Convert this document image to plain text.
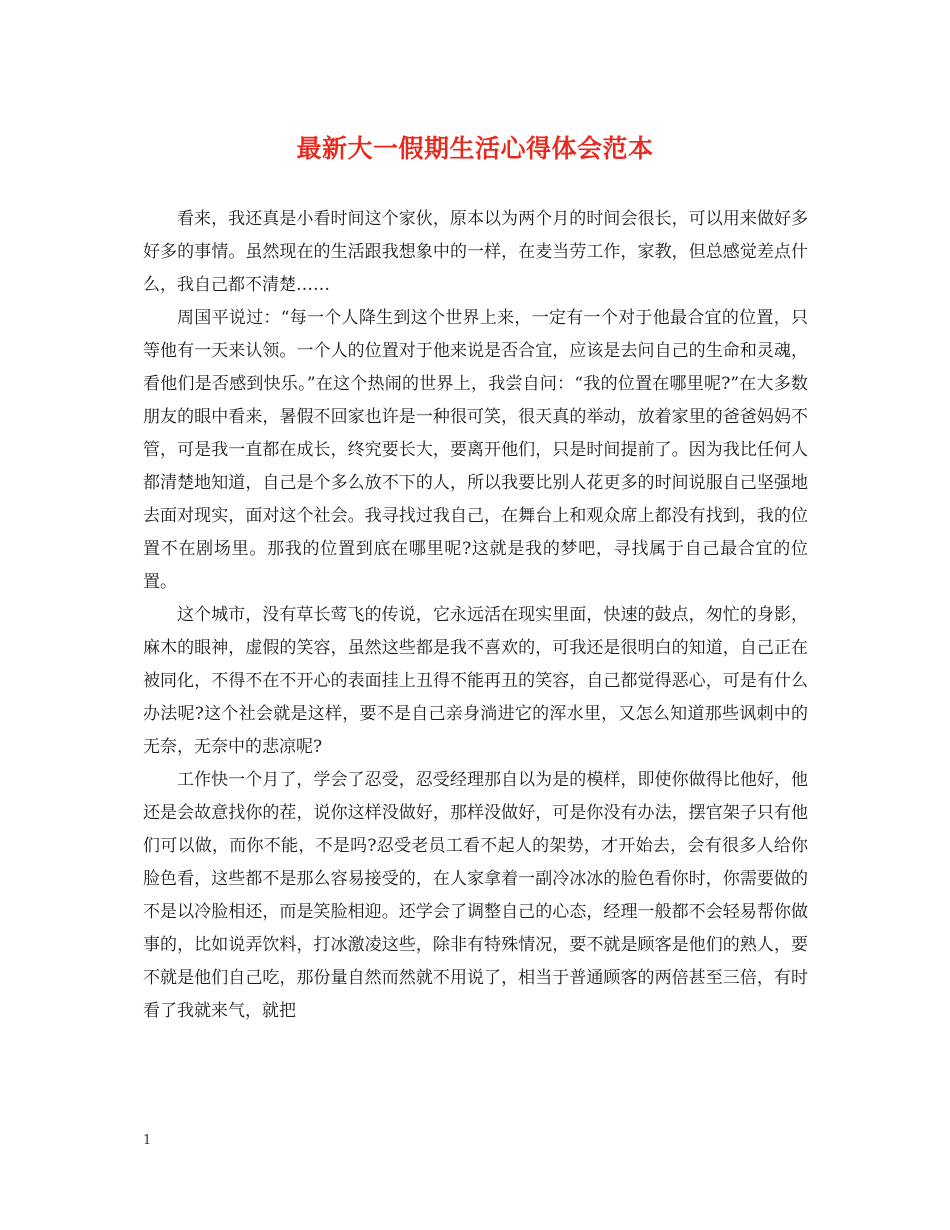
最新大一假期生活心得体会范本

看来，我还真是小看时间这个家伙，原本以为两个月的时间会很长，可以用来做好多好多的事情。虽然现在的生活跟我想象中的一样，在麦当劳工作，家教，但总感觉差点什么，我自己都不清楚……

周国平说过：“每一个人降生到这个世界上来，一定有一个对于他最合宜的位置，只等他有一天来认领。一个人的位置对于他来说是否合宜，应该是去问自己的生命和灵魂，看他们是否感到快乐。”在这个热闹的世界上，我尝自问：“我的位置在哪里呢?”在大多数朋友的眼中看来，暑假不回家也许是一种很可笑，很天真的举动，放着家里的爸爸妈妈不管，可是我一直都在成长，终究要长大，要离开他们，只是时间提前了。因为我比任何人都清楚地知道，自己是个多么放不下的人，所以我要比别人花更多的时间说服自己坚强地去面对现实，面对这个社会。我寻找过我自己，在舞台上和观众席上都没有找到，我的位置不在剧场里。那我的位置到底在哪里呢?这就是我的梦吧，寻找属于自己最合宜的位置。

这个城市，没有草长莺飞的传说，它永远活在现实里面，快速的鼓点，匆忙的身影，麻木的眼神，虚假的笑容，虽然这些都是我不喜欢的，可我还是很明白的知道，自己正在被同化，不得不在不开心的表面挂上丑得不能再丑的笑容，自己都觉得恶心，可是有什么办法呢?这个社会就是这样，要不是自己亲身淌进它的浑水里，又怎么知道那些讽刺中的无奈，无奈中的悲凉呢?

工作快一个月了，学会了忍受，忍受经理那自以为是的模样，即使你做得比他好，他还是会故意找你的茬，说你这样没做好，那样没做好，可是你没有办法，摆官架子只有他们可以做，而你不能，不是吗?忍受老员工看不起人的架势，才开始去，会有很多人给你脸色看，这些都不是那么容易接受的，在人家拿着一副冷冰冰的脸色看你时，你需要做的不是以冷脸相还，而是笑脸相迎。还学会了调整自己的心态，经理一般都不会轻易帮你做事的，比如说弄饮料，打冰激凌这些，除非有特殊情况，要不就是顾客是他们的熟人，要不就是他们自己吃，那份量自然而然就不用说了，相当于普通顾客的两倍甚至三倍，有时看了我就来气，就把

1
